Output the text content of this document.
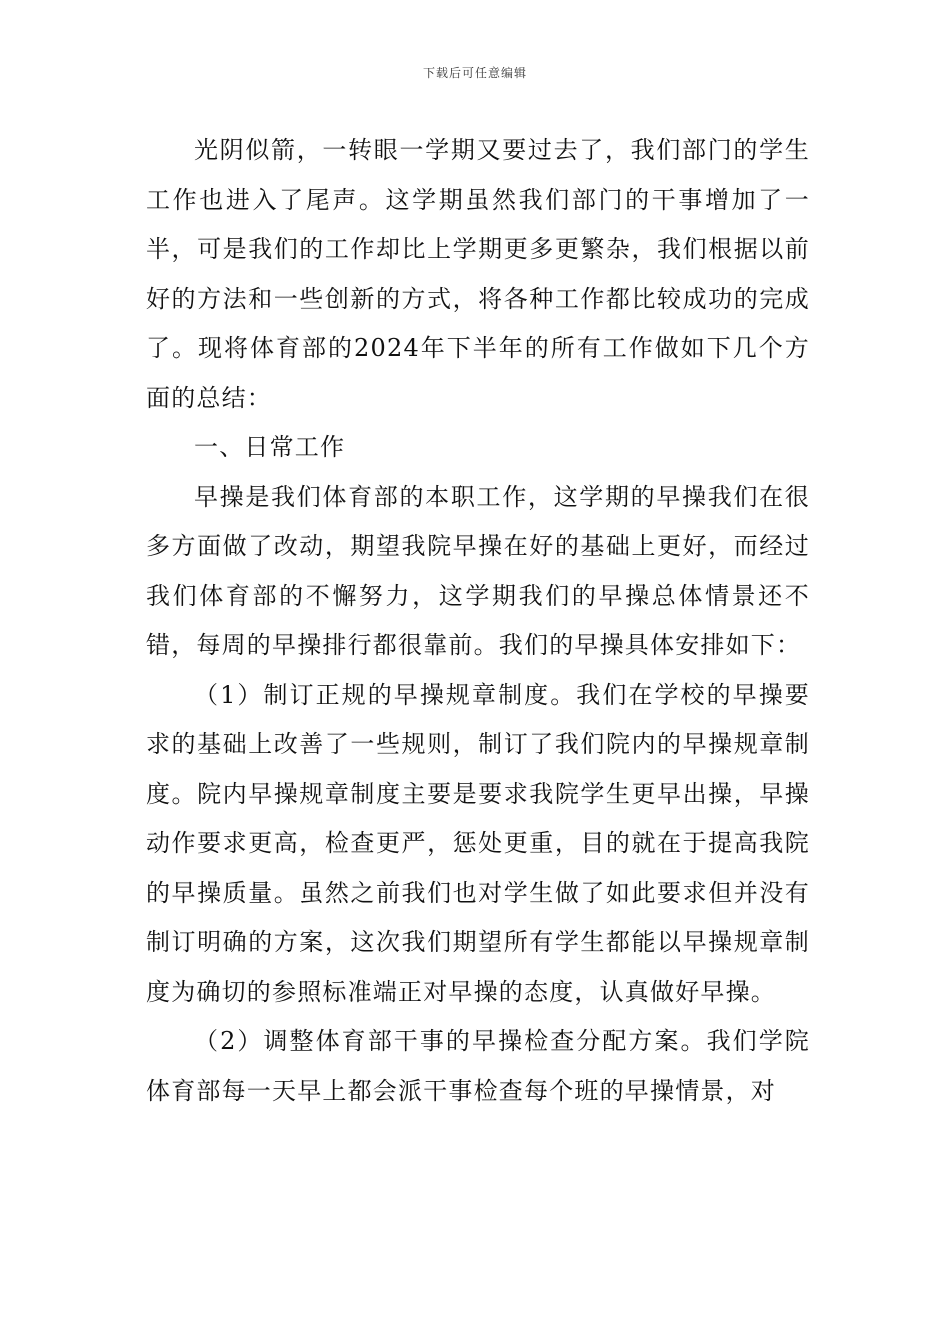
下载后可任意编辑

光阴似箭，一转眼一学期又要过去了，我们部门的学生工作也进入了尾声。这学期虽然我们部门的干事增加了一半，可是我们的工作却比上学期更多更繁杂，我们根据以前好的方法和一些创新的方式，将各种工作都比较成功的完成了。现将体育部的2024年下半年的所有工作做如下几个方面的总结：

一、日常工作

早操是我们体育部的本职工作，这学期的早操我们在很多方面做了改动，期望我院早操在好的基础上更好，而经过我们体育部的不懈努力，这学期我们的早操总体情景还不错，每周的早操排行都很靠前。我们的早操具体安排如下：

（1）制订正规的早操规章制度。我们在学校的早操要求的基础上改善了一些规则，制订了我们院内的早操规章制度。院内早操规章制度主要是要求我院学生更早出操，早操动作要求更高，检查更严，惩处更重，目的就在于提高我院的早操质量。虽然之前我们也对学生做了如此要求但并没有制订明确的方案，这次我们期望所有学生都能以早操规章制度为确切的参照标准端正对早操的态度，认真做好早操。

（2）调整体育部干事的早操检查分配方案。我们学院体育部每一天早上都会派干事检查每个班的早操情景，对
